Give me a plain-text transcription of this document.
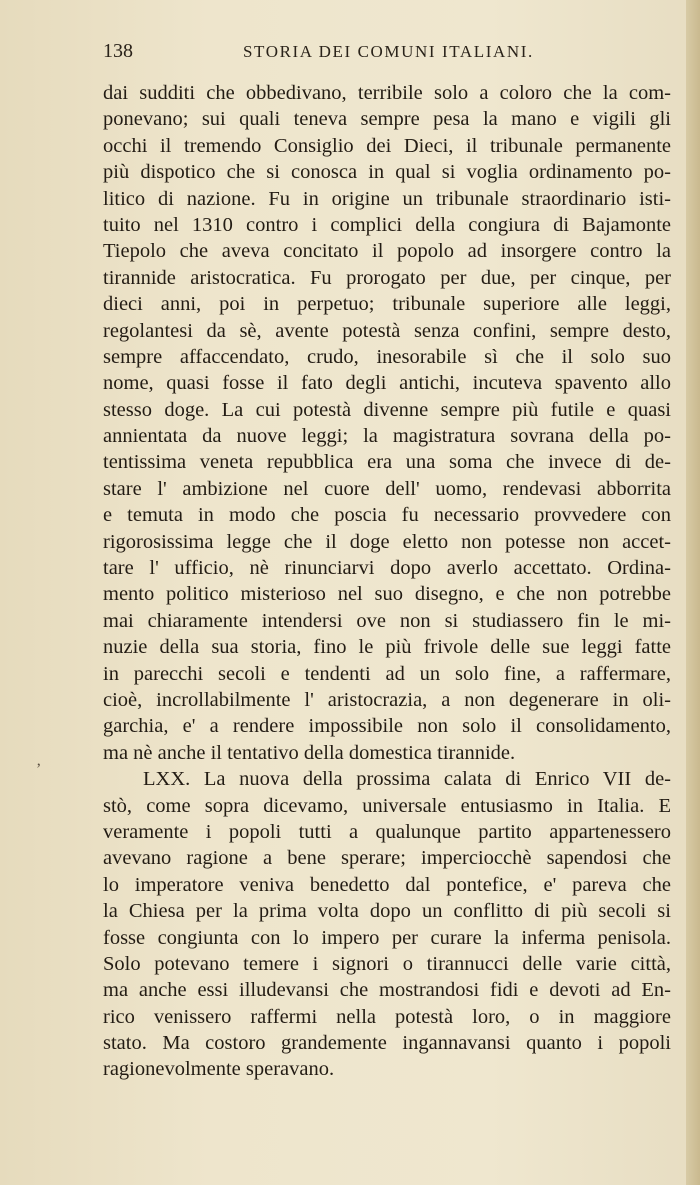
138	STORIA DEI COMUNI ITALIANI.
‚
dai sudditi che obbedivano, terribile solo a coloro che la com-
ponevano; sui quali teneva sempre pesa la mano e vigili gli
occhi il tremendo Consiglio dei Dieci, il tribunale permanente
più dispotico che si conosca in qual si voglia ordinamento po-
litico di nazione. Fu in origine un tribunale straordinario isti-
tuito nel 1310 contro i complici della congiura di Bajamonte
Tiepolo che aveva concitato il popolo ad insorgere contro la
tirannide aristocratica. Fu prorogato per due, per cinque, per
dieci anni, poi in perpetuo; tribunale superiore alle leggi,
regolantesi da sè, avente potestà senza confini, sempre desto,
sempre affaccendato, crudo, inesorabile sì che il solo suo
nome, quasi fosse il fato degli antichi, incuteva spavento allo
stesso doge. La cui potestà divenne sempre più futile e quasi
annientata da nuove leggi; la magistratura sovrana della po-
tentissima veneta repubblica era una soma che invece di de-
stare l' ambizione nel cuore dell' uomo, rendevasi abborrita
e temuta in modo che poscia fu necessario provvedere con
rigorosissima legge che il doge eletto non potesse non accet-
tare l' ufficio, nè rinunciarvi dopo averlo accettato. Ordina-
mento politico misterioso nel suo disegno, e che non potrebbe
mai chiaramente intendersi ove non si studiassero fin le mi-
nuzie della sua storia, fino le più frivole delle sue leggi fatte
in parecchi secoli e tendenti ad un solo fine, a raffermare,
cioè, incrollabilmente l' aristocrazia, a non degenerare in oli-
garchia, e' a rendere impossibile non solo il consolidamento,
ma nè anche il tentativo della domestica tirannide.
LXX. La nuova della prossima calata di Enrico VII de-
stò, come sopra dicevamo, universale entusiasmo in Italia. E
veramente i popoli tutti a qualunque partito appartenessero
avevano ragione a bene sperare; imperciocchè sapendosi che
lo imperatore veniva benedetto dal pontefice, e' pareva che
la Chiesa per la prima volta dopo un conflitto di più secoli si
fosse congiunta con lo impero per curare la inferma penisola.
Solo potevano temere i signori o tirannucci delle varie città,
ma anche essi illudevansi che mostrandosi fidi e devoti ad En-
rico venissero raffermi nella potestà loro, o in maggiore
stato. Ma costoro grandemente ingannavansi quanto i popoli
ragionevolmente speravano.
